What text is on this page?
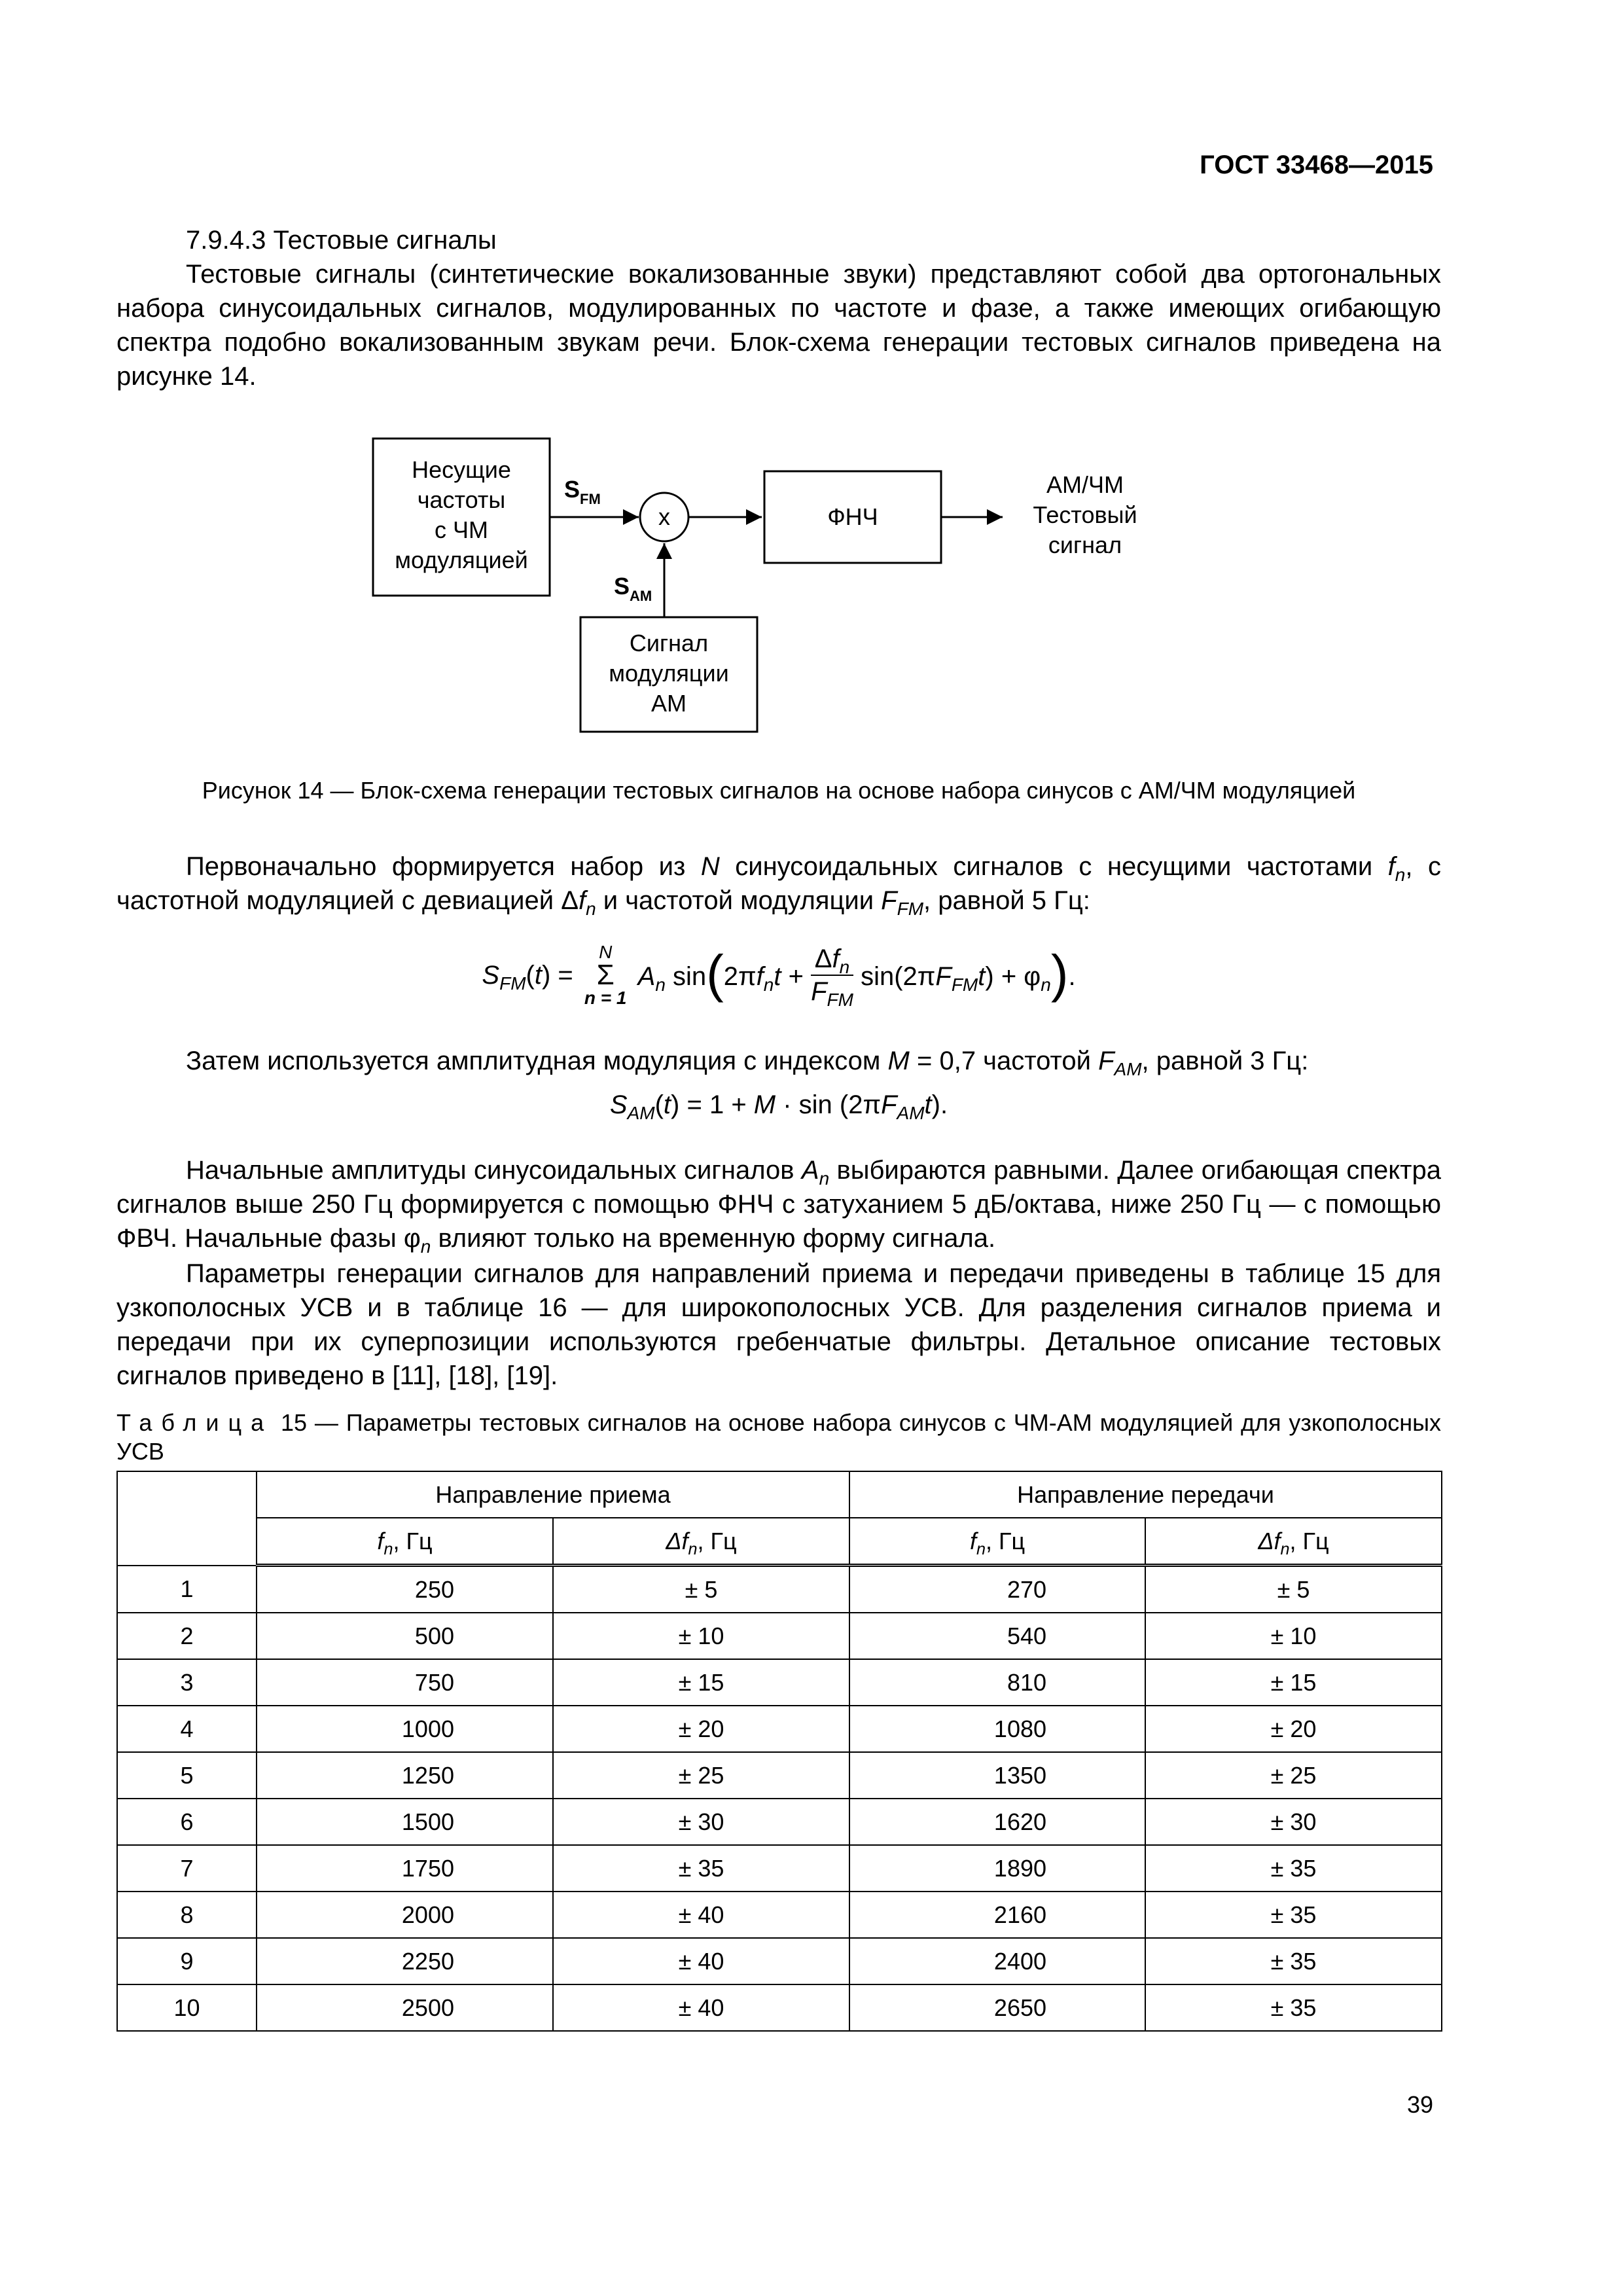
ГОСТ 33468—2015

7.9.4.3 Тестовые сигналы

Тестовые сигналы (синтетические вокализованные звуки) представляют собой два ортогональных набора синусоидальных сигналов, модулированных по частоте и фазе, а также имеющих огибающую спектра подобно вокализованным звукам речи. Блок-схема генерации тестовых сигналов приведена на рисунке 14.

Несущие
частоты
с ЧМ
модуляцией
$S_{FM}$
x	ФНЧ
АМ/ЧМ
Тестовый
сигнал
Сигнал
модуляции
АМ
$S_{AM}$

Рисунок 14 — Блок-схема генерации тестовых сигналов на основе набора синусов с АМ/ЧМ модуляцией

Первоначально формируется набор из N синусоидальных сигналов с несущими частотами $f_n$, с частотной модуляцией с девиацией $\Delta f_n$ и частотой модуляции $F_{FM}$, равной 5 Гц:

$S_{FM}(t)$ =
N
Σ
n = 1
$A_n$ $\sin(2\pi f_nt + \frac{\Delta f_n}{F_{FM}} \sin(2\pi F_{FM}t) + \varphi_n)$.

Затем используется амплитудная модуляция с индексом M = 0,7 частотой $F_{AM}$, равной 3 Гц:

$S_{AM}(t) = 1 + M \cdot \sin (2\pi F_{AM}t)$.

Начальные амплитуды синусоидальных сигналов $A_n$ выбираются равными. Далее огибающая спектра сигналов выше 250 Гц формируется с помощью ФНЧ с затуханием 5 дБ/октава, ниже 250 Гц — с помощью ФВЧ. Начальные фазы $\varphi_n$ влияют только на временную форму сигнала.

Параметры генерации сигналов для направлений приема и передачи приведены в таблице 15 для узкополосных УСВ и в таблице 16 — для широкополосных УСВ. Для разделения сигналов приема и передачи при их суперпозиции используются гребенчатые фильтры. Детальное описание тестовых сигналов приведено в [11], [18], [19].

Таблица 15 — Параметры тестовых сигналов на основе набора синусов с ЧМ-АМ модуляцией для узкополосных УСВ

	Направление приема		Направление передачи	
	$f_n$, Гц	$\Delta f_n$, Гц	$f_n$, Гц	$\Delta f_n$, Гц
1	250	± 5	270	± 5
2	500	± 10	540	± 10
3	750	± 15	810	± 15
4	1000	± 20	1080	± 20
5	1250	± 25	1350	± 25
6	1500	± 30	1620	± 30
7	1750	± 35	1890	± 35
8	2000	± 40	2160	± 35
9	2250	± 40	2400	± 35
10	2500	± 40	2650	± 35
39
